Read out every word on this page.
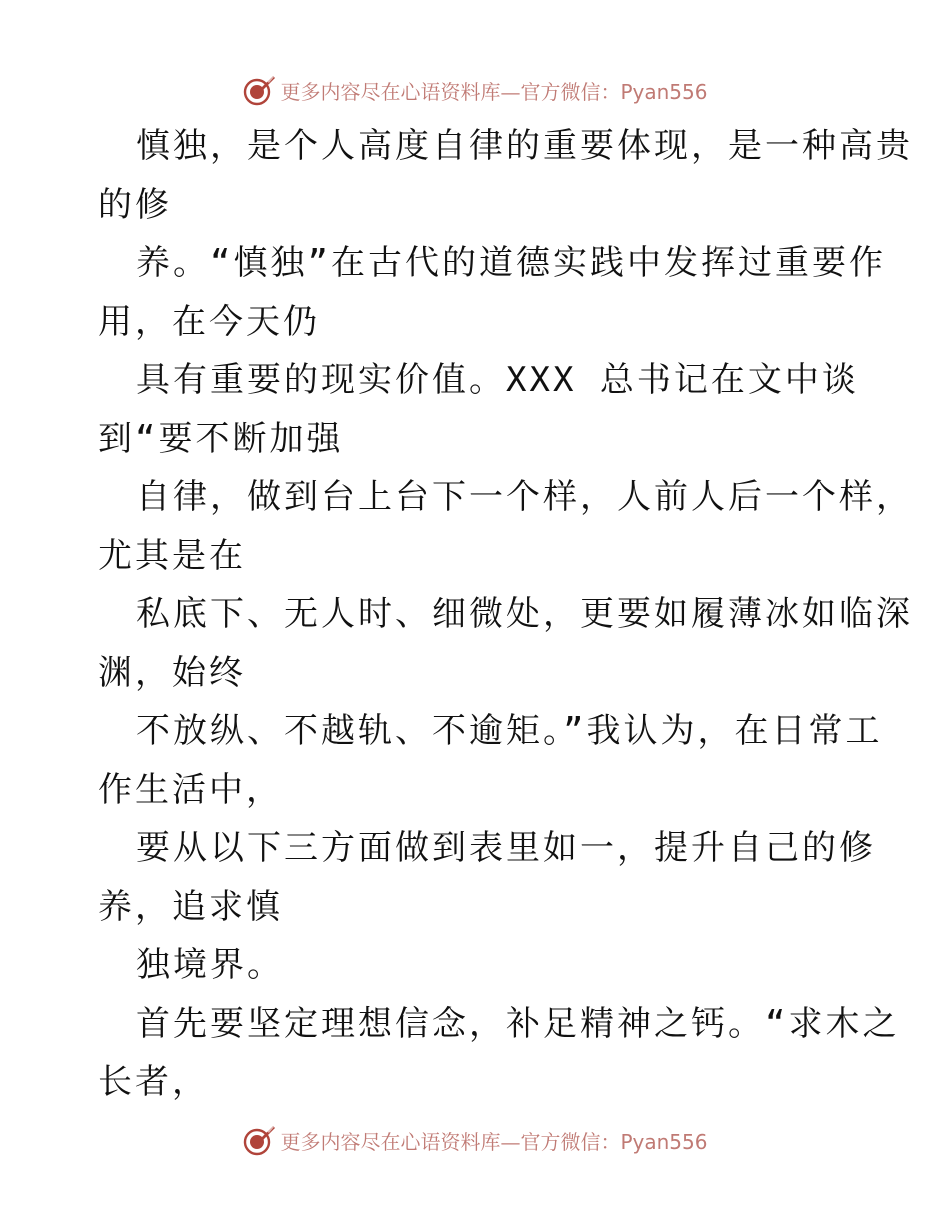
更多内容尽在心语资料库—官方微信：Pyan556
慎独，是个人高度自律的重要体现，是一种高贵
的修
养。“慎独”在古代的道德实践中发挥过重要作
用，在今天仍
具有重要的现实价值。XXX 总书记在文中谈
到“要不断加强
自律，做到台上台下一个样，人前人后一个样，
尤其是在
私底下、无人时、细微处，更要如履薄冰如临深
渊，始终
不放纵、不越轨、不逾矩。”我认为，在日常工
作生活中，
要从以下三方面做到表里如一，提升自己的修
养，追求慎
独境界。
首先要坚定理想信念，补足精神之钙。“求木之
长者，
更多内容尽在心语资料库—官方微信：Pyan556
